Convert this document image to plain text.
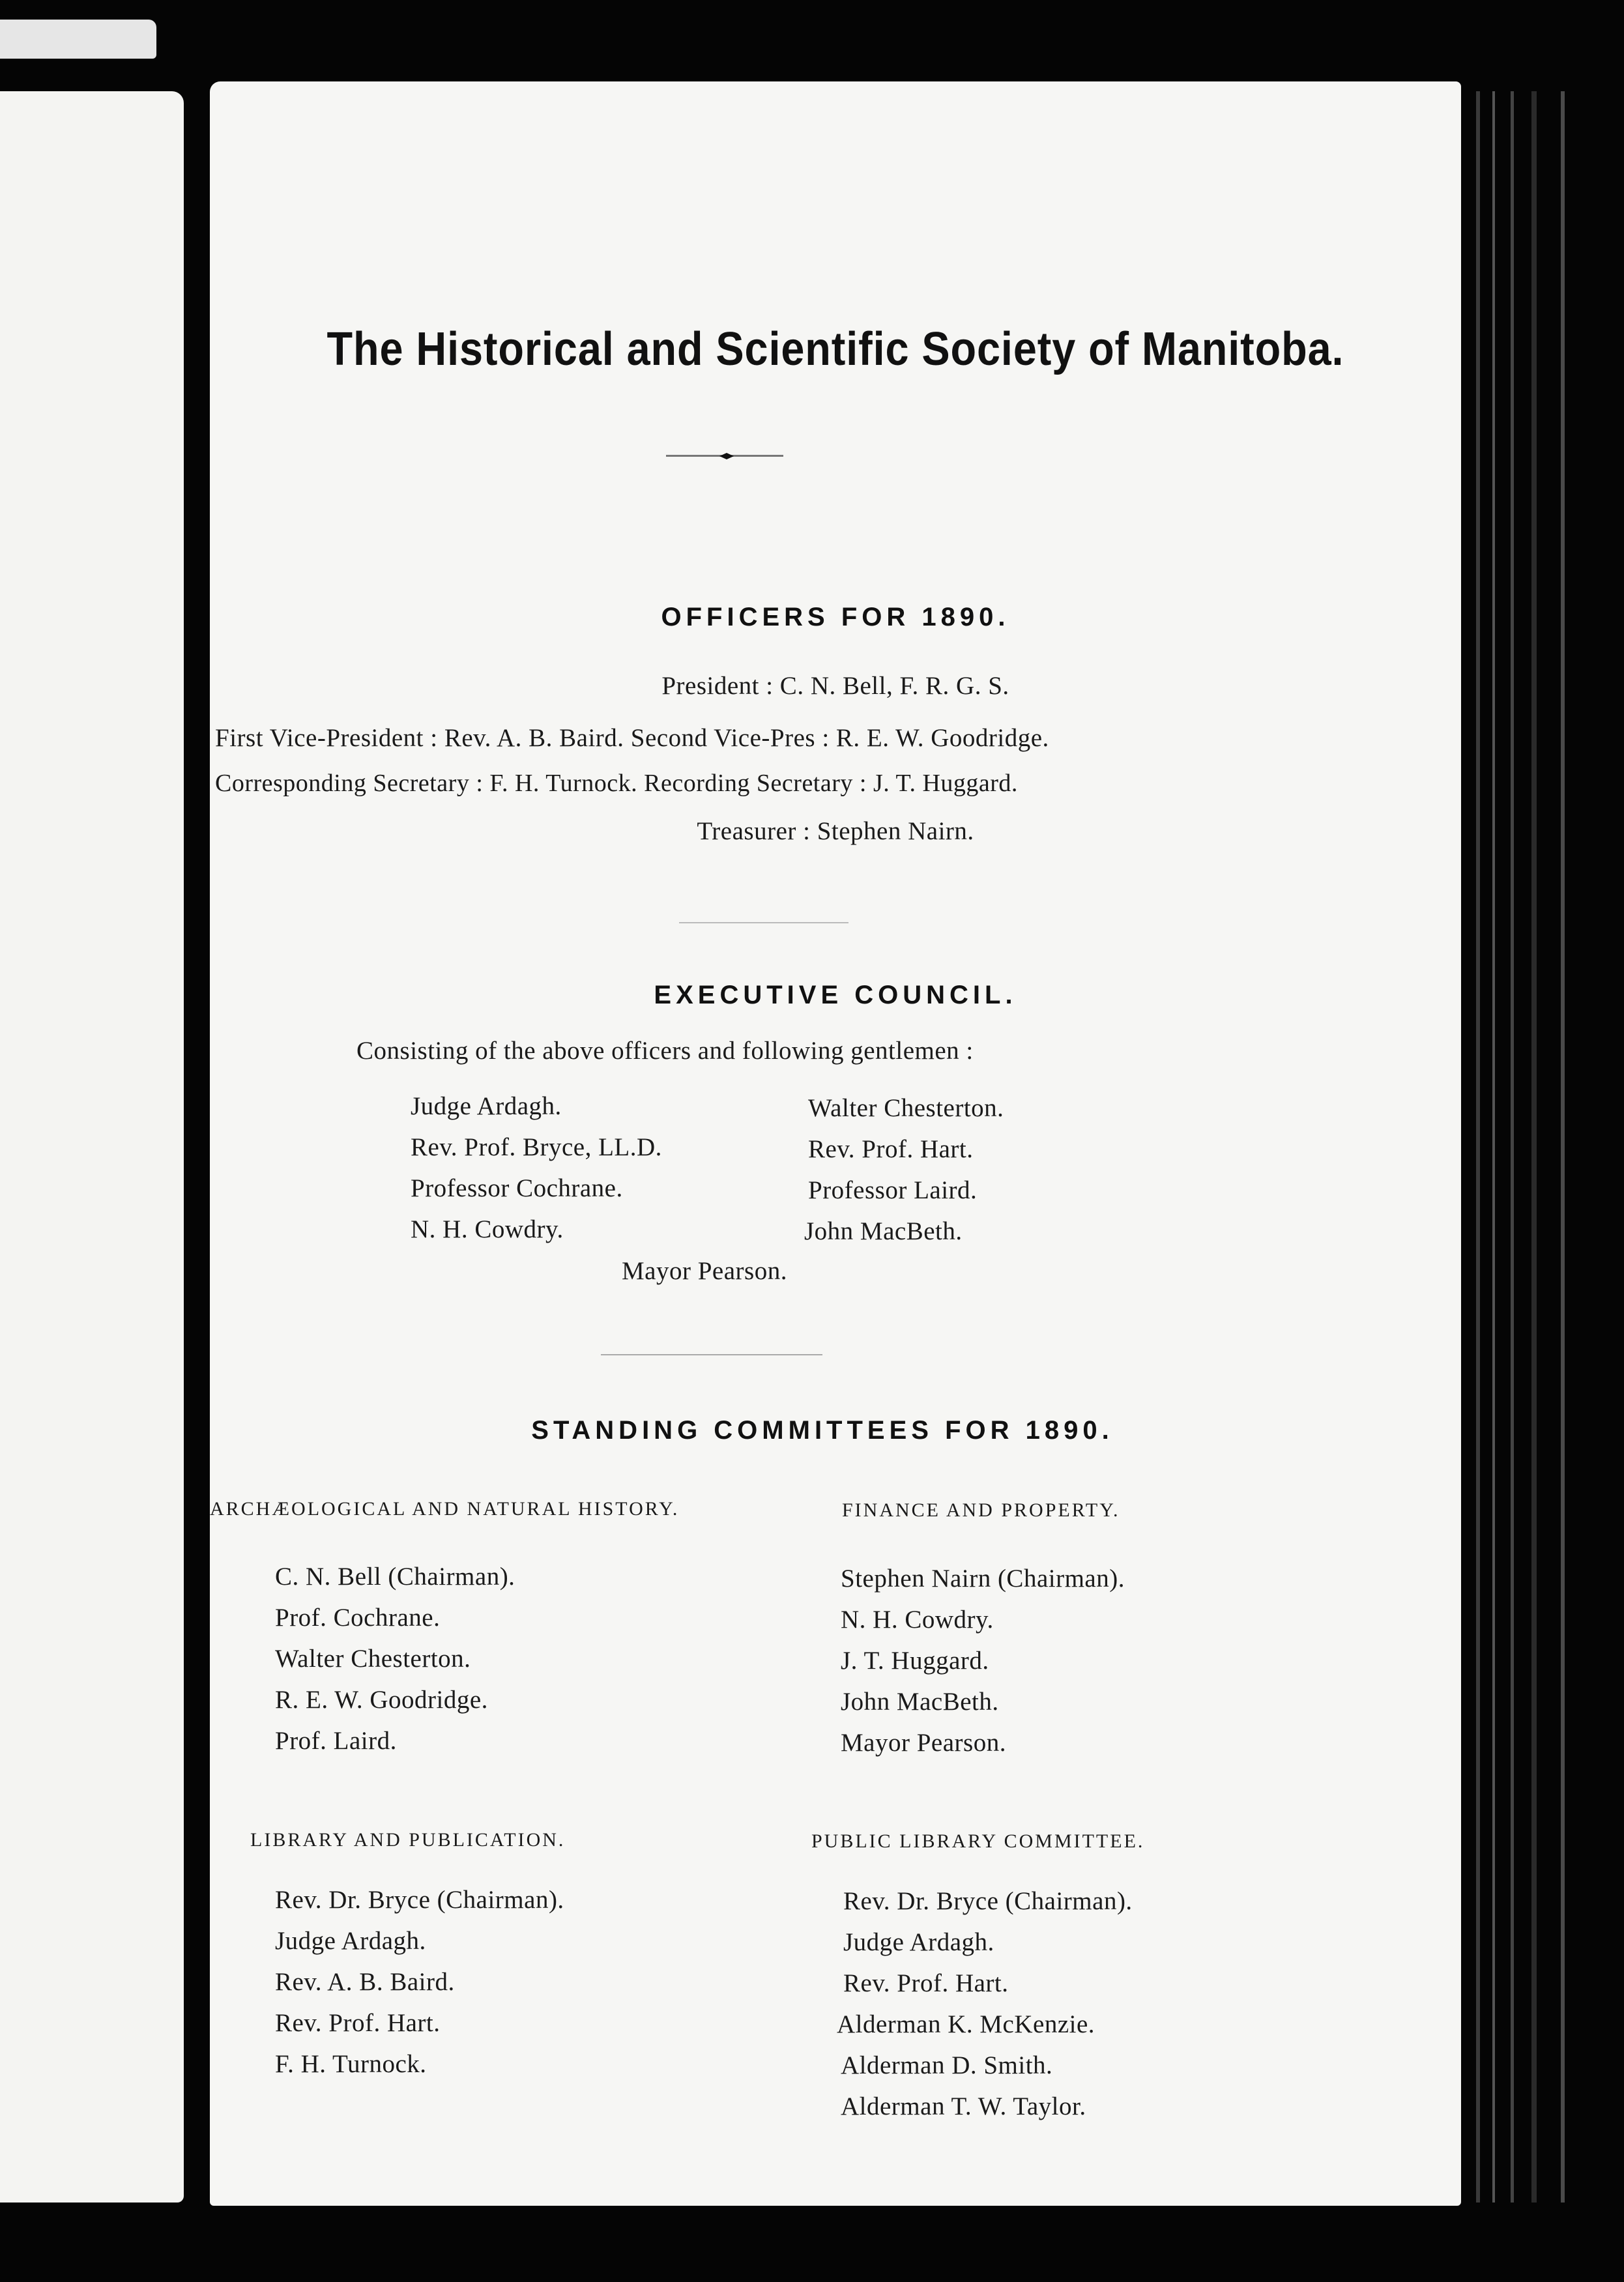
The Historical and Scientific Society of Manitoba.
OFFICERS FOR 1890.
President : C. N. Bell, F. R. G. S.
First Vice-President : Rev. A. B. Baird. Second Vice-Pres : R. E. W. Goodridge.
Corresponding Secretary : F. H. Turnock. Recording Secretary : J. T. Huggard.
Treasurer : Stephen Nairn.
EXECUTIVE COUNCIL.
Consisting of the above officers and following gentlemen :
Judge Ardagh.
Rev. Prof. Bryce, LL.D.
Professor Cochrane.
N. H. Cowdry.
Walter Chesterton.
Rev. Prof. Hart.
Professor Laird.
John MacBeth.
Mayor Pearson.
STANDING COMMITTEES FOR 1890.
ARCHÆOLOGICAL AND NATURAL HISTORY.
C. N. Bell (Chairman).
Prof. Cochrane.
Walter Chesterton.
R. E. W. Goodridge.
Prof. Laird.
FINANCE AND PROPERTY.
Stephen Nairn (Chairman).
N. H. Cowdry.
J. T. Huggard.
John MacBeth.
Mayor Pearson.
LIBRARY AND PUBLICATION.
Rev. Dr. Bryce (Chairman).
Judge Ardagh.
Rev. A. B. Baird.
Rev. Prof. Hart.
F. H. Turnock.
PUBLIC LIBRARY COMMITTEE.
Rev. Dr. Bryce (Chairman).
Judge Ardagh.
Rev. Prof. Hart.
Alderman K. McKenzie.
Alderman D. Smith.
Alderman T. W. Taylor.
